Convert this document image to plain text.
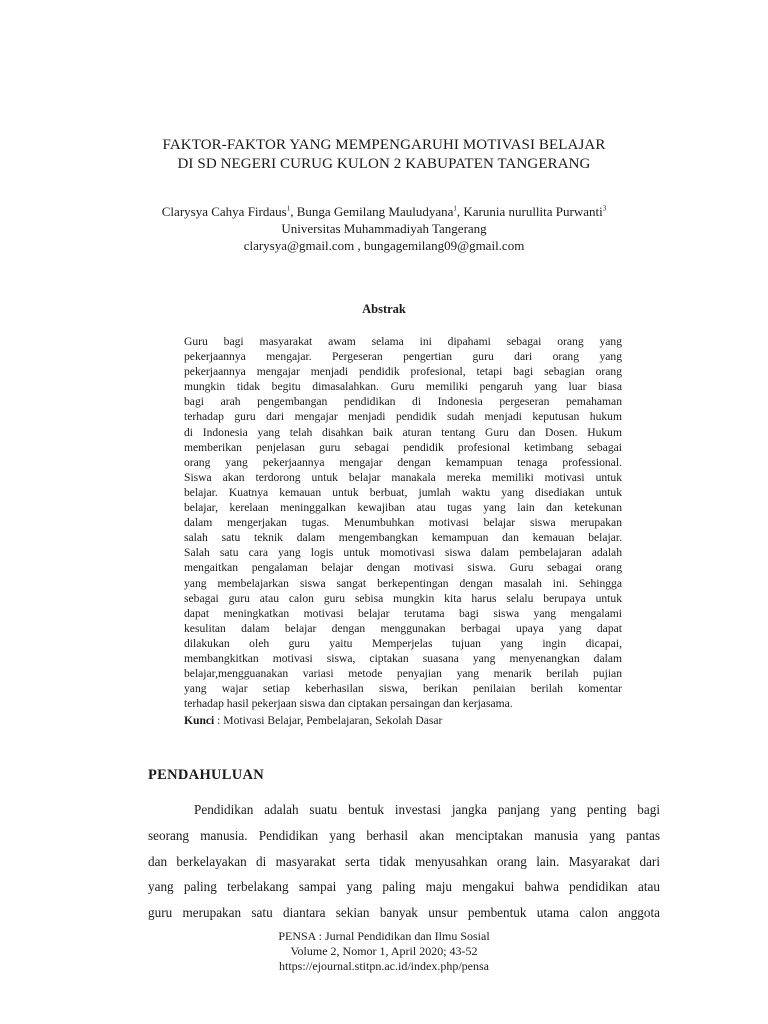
FAKTOR-FAKTOR YANG MEMPENGARUHI MOTIVASI BELAJAR
DI SD NEGERI CURUG KULON 2 KABUPATEN TANGERANG
Clarysya Cahya Firdaus$^1$, Bunga Gemilang Mauludyana$^1$, Karunia nurullita Purwanti$^3$
Universitas Muhammadiyah Tangerang
clarysya@gmail.com , bungagemilang09@gmail.com
Abstrak
Guru bagi masyarakat awam selama ini dipahami sebagai orang yang
pekerjaannya mengajar. Pergeseran pengertian guru dari orang yang
pekerjaannya mengajar menjadi pendidik profesional, tetapi bagi sebagian orang
mungkin tidak begitu dimasalahkan. Guru memiliki pengaruh yang luar biasa
bagi arah pengembangan pendidikan di Indonesia pergeseran pemahaman
terhadap guru dari mengajar menjadi pendidik sudah menjadi keputusan hukum
di Indonesia yang telah disahkan baik aturan tentang Guru dan Dosen. Hukum
memberikan penjelasan guru sebagai pendidik profesional ketimbang sebagai
orang yang pekerjaannya mengajar dengan kemampuan tenaga professional.
Siswa akan terdorong untuk belajar manakala mereka memiliki motivasi untuk
belajar. Kuatnya kemauan untuk berbuat, jumlah waktu yang disediakan untuk
belajar, kerelaan meninggalkan kewajiban atau tugas yang lain dan ketekunan
dalam mengerjakan tugas. Menumbuhkan motivasi belajar siswa merupakan
salah satu teknik dalam mengembangkan kemampuan dan kemauan belajar.
Salah satu cara yang logis untuk momotivasi siswa dalam pembelajaran adalah
mengaitkan pengalaman belajar dengan motivasi siswa. Guru sebagai orang
yang membelajarkan siswa sangat berkepentingan dengan masalah ini. Sehingga
sebagai guru atau calon guru sebisa mungkin kita harus selalu berupaya untuk
dapat meningkatkan motivasi belajar terutama bagi siswa yang mengalami
kesulitan dalam belajar dengan menggunakan berbagai upaya yang dapat
dilakukan oleh guru yaitu Memperjelas tujuan yang ingin dicapai,
membangkitkan motivasi siswa, ciptakan suasana yang menyenangkan dalam
belajar,mengguanakan variasi metode penyajian yang menarik berilah pujian
yang wajar setiap keberhasilan siswa, berikan penilaian berilah komentar
terhadap hasil pekerjaan siswa dan ciptakan persaingan dan kerjasama.
Kunci : Motivasi Belajar, Pembelajaran, Sekolah Dasar
PENDAHULUAN
Pendidikan adalah suatu bentuk investasi jangka panjang yang penting bagi
seorang manusia. Pendidikan yang berhasil akan menciptakan manusia yang pantas
dan berkelayakan di masyarakat serta tidak menyusahkan orang lain. Masyarakat dari
yang paling terbelakang sampai yang paling maju mengakui bahwa pendidikan atau
guru merupakan satu diantara sekian banyak unsur pembentuk utama calon anggota
PENSA : Jurnal Pendidikan dan Ilmu Sosial
Volume 2, Nomor 1, April 2020; 43-52
https://ejournal.stitpn.ac.id/index.php/pensa
